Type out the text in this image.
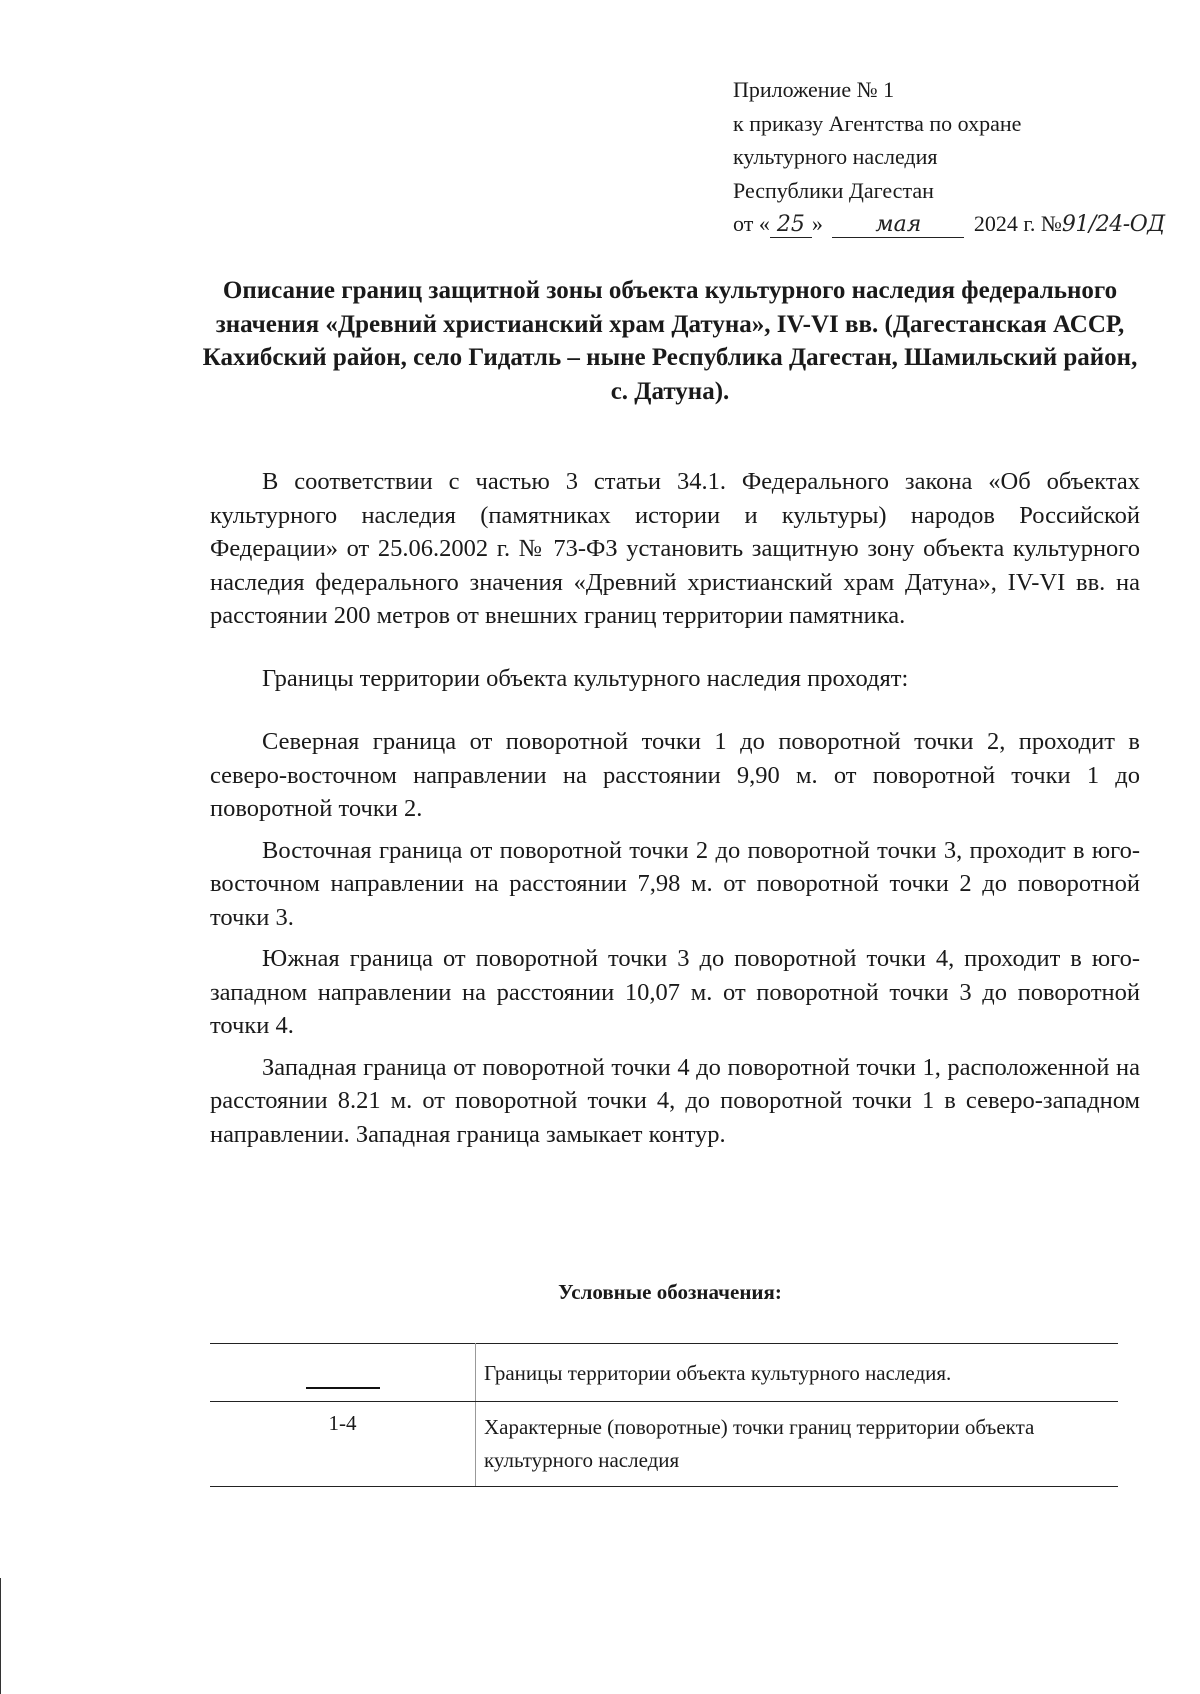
Приложение № 1
к приказу Агентства по охране
культурного наследия
Республики Дагестан
от « 25 » мая 2024 г. №91/24-ОД
Описание границ защитной зоны объекта культурного наследия федерального значения «Древний христианский храм Датуна», IV-VI вв. (Дагестанская АССР, Кахибский район, село Гидатль – ныне Республика Дагестан, Шамильский район, с. Датуна).

В соответствии с частью 3 статьи 34.1. Федерального закона «Об объектах культурного наследия (памятниках истории и культуры) народов Российской Федерации» от 25.06.2002 г. № 73-ФЗ установить защитную зону объекта культурного наследия федерального значения «Древний христианский храм Датуна», IV-VI вв. на расстоянии 200 метров от внешних границ территории памятника.

Границы территории объекта культурного наследия проходят:

Северная граница от поворотной точки 1 до поворотной точки 2, проходит в северо-восточном направлении на расстоянии 9,90 м. от поворотной точки 1 до поворотной точки 2.

Восточная граница от поворотной точки 2 до поворотной точки 3, проходит в юго-восточном направлении на расстоянии 7,98 м. от поворотной точки 2 до поворотной точки 3.

Южная граница от поворотной точки 3 до поворотной точки 4, проходит в юго-западном направлении на расстоянии 10,07 м. от поворотной точки 3 до поворотной точки 4.

Западная граница от поворотной точки 4 до поворотной точки 1, расположенной на расстоянии 8.21 м. от поворотной точки 4, до поворотной точки 1 в северо-западном направлении. Западная граница замыкает контур.

Условные обозначения:
	Границы территории объекта культурного наследия.
1-4	Характерные (поворотные) точки границ территории объекта культурного наследия
